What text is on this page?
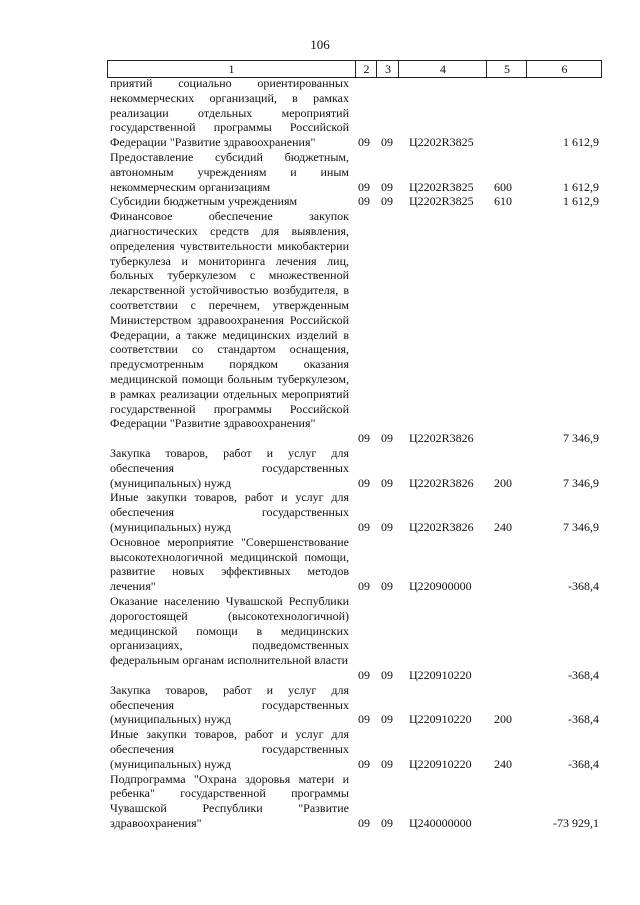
106
1	2	3	4	5	6
приятий социально ориентированных некоммерческих организаций, в рамках реализации отдельных мероприятий государственной программы Российской Федерации "Развитие здравоохранения"	09 09 Ц2202R3825	1 612,9
Предоставление субсидий бюджетным, автономным учреждениям и иным некоммерческим организациям	09 09 Ц2202R3825 600	1 612,9
Субсидии бюджетным учреждениям	09 09 Ц2202R3825 610	1 612,9
Финансовое обеспечение закупок диагностических средств для выявления, определения чувствительности микобактерии туберкулеза и мониторинга лечения лиц, больных туберкулезом с множественной лекарственной устойчивостью возбудителя, в соответствии с перечнем, утвержденным Министерством здравоохранения Российской Федерации, а также медицинских изделий в соответствии со стандартом оснащения, предусмотренным порядком оказания медицинской помощи больным туберкулезом, в рамках реализации отдельных мероприятий государственной программы Российской Федерации "Развитие здравоохранения"
09 09 Ц2202R3826	7 346,9
Закупка товаров, работ и услуг для обеспечения государственных (муниципальных) нужд	09 09 Ц2202R3826 200	7 346,9
Иные закупки товаров, работ и услуг для обеспечения государственных (муниципальных) нужд	09 09 Ц2202R3826 240	7 346,9
Основное мероприятие "Совершенствование высокотехнологичной медицинской помощи, развитие новых эффективных методов лечения"	09 09 Ц220900000	-368,4
Оказание населению Чувашской Республики дорогостоящей (высокотехнологичной) медицинской помощи в медицинских организациях, подведомственных федеральным органам исполнительной власти
09 09 Ц220910220	-368,4
Закупка товаров, работ и услуг для обеспечения государственных (муниципальных) нужд	09 09 Ц220910220 200	-368,4
Иные закупки товаров, работ и услуг для обеспечения государственных (муниципальных) нужд	09 09 Ц220910220 240	-368,4
Подпрограмма "Охрана здоровья матери и ребенка" государственной программы Чувашской Республики "Развитие здравоохранения"	09 09 Ц240000000	-73 929,1
